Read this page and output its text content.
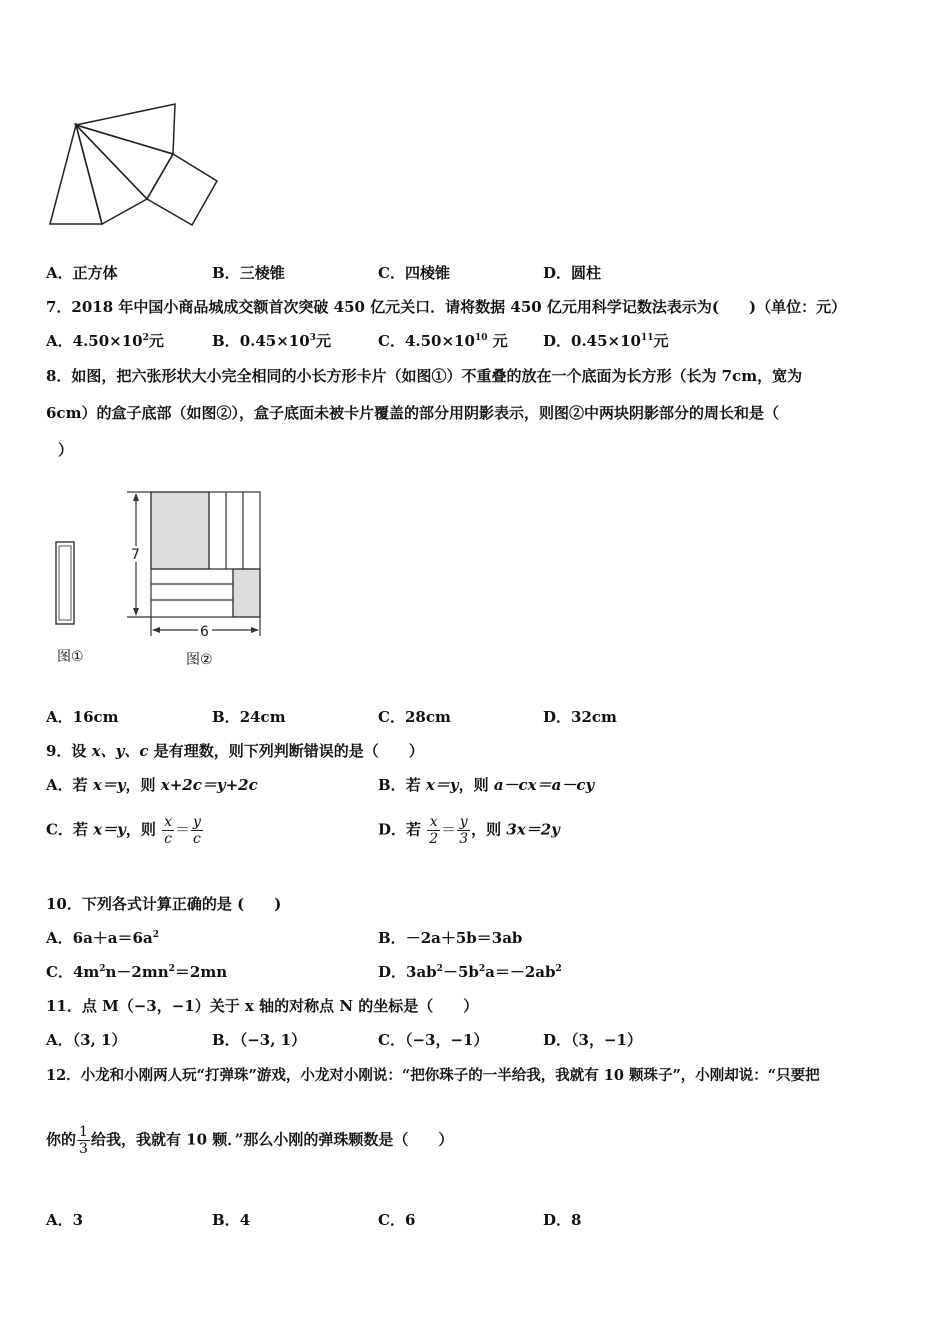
A．正方体	B．三棱锥	C．四棱锥	D．圆柱
7．2018 年中国小商品城成交额首次突破 450 亿元关口．请将数据 450 亿元用科学记数法表示为(　　)（单位：元）
A．$4.50\times 10^2$元	B．$0.45\times 10^3$元	C．$4.50\times 10^{10}$ 元 D．$0.45\times 10^{11}$元
8．如图，把六张形状大小完全相同的小长方形卡片（如图①）不重叠的放在一个底面为长方形（长为 7cm，宽为
6cm）的盒子底部（如图②），盒子底面未被卡片覆盖的部分用阴影表示，则图②中两块阴影部分的周长和是（
）
图①
7
6
图②
A．16cm	B．24cm	C．28cm	D．32cm
9．设 x、y、c 是有理数，则下列判断错误的是（　　）
A．若 x＝y，则 x+2c＝y+2c	B．若 x＝y，则 a－cx＝a－cy
C．若 x＝y，则 $\frac{x}{c} = \frac{y}{c}$	D．若 $\frac{x}{2} = \frac{y}{3}$ ，则 3x＝2y
10．下列各式计算正确的是 (　　)
A．$6a+a=6a^2$	B．－2a＋5b＝3ab
C．$4m^2n-2mn^2=2mn$	D．$3ab^2-5b^2a=-2ab^2$
11．点 M（−3，−1）关于 x 轴的对称点 N 的坐标是（　　）
A．（3, 1）	B．（−3, 1）	C．（−3，−1）	D．（3，−1）
12．小龙和小刚两人玩“打弹珠”游戏，小龙对小刚说：“把你珠子的一半给我，我就有 10 颗珠子”，小刚却说：“只要把
你的 $\frac{1}{3}$ 给我，我就有 10 颗．”那么小刚的弹珠颗数是（　　）
A．3	B．4	C．6	D．8
